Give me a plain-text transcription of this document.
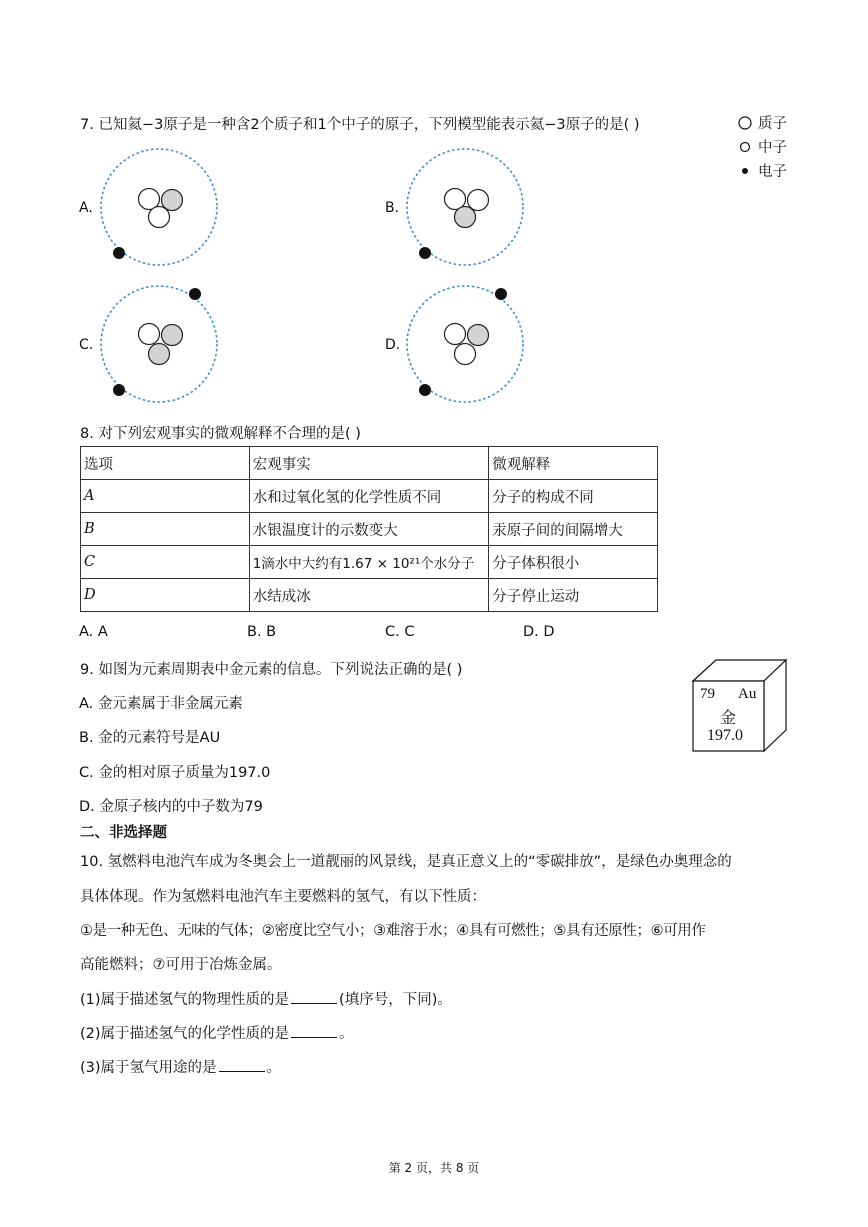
7. 已知氦−3原子是一种含2个质子和1个中子的原子，下列模型能表示氦−3原子的是( )	质子
中子
电子
A.	B.
C.	D.
8. 对下列宏观事实的微观解释不合理的是( )
选项	宏观事实	微观解释
A	水和过氧化氢的化学性质不同	分子的构成不同
B	水银温度计的示数变大	汞原子间的间隔增大
C	1滴水中大约有1.67 × 10²¹个水分子	分子体积很小
D	水结成冰	分子停止运动
A. A	B. B	C. C	D. D
9. 如图为元素周期表中金元素的信息。下列说法正确的是( )
A. 金元素属于非金属元素
B. 金的元素符号是AU
C. 金的相对原子质量为197.0
D. 金原子核内的中子数为79
79 Au
金
197.0
二、非选择题
10. 氢燃料电池汽车成为冬奥会上一道靓丽的风景线，是真正意义上的“零碳排放”，是绿色办奥理念的
具体体现。作为氢燃料电池汽车主要燃料的氢气，有以下性质：
①是一种无色、无味的气体；②密度比空气小；③难溶于水；④具有可燃性；⑤具有还原性；⑥可用作
高能燃料；⑦可用于冶炼金属。
(1)属于描述氢气的物理性质的是	(填序号，下同)。
(2)属于描述氢气的化学性质的是	。
(3)属于氢气用途的是	。
第 2 页，共 8 页
